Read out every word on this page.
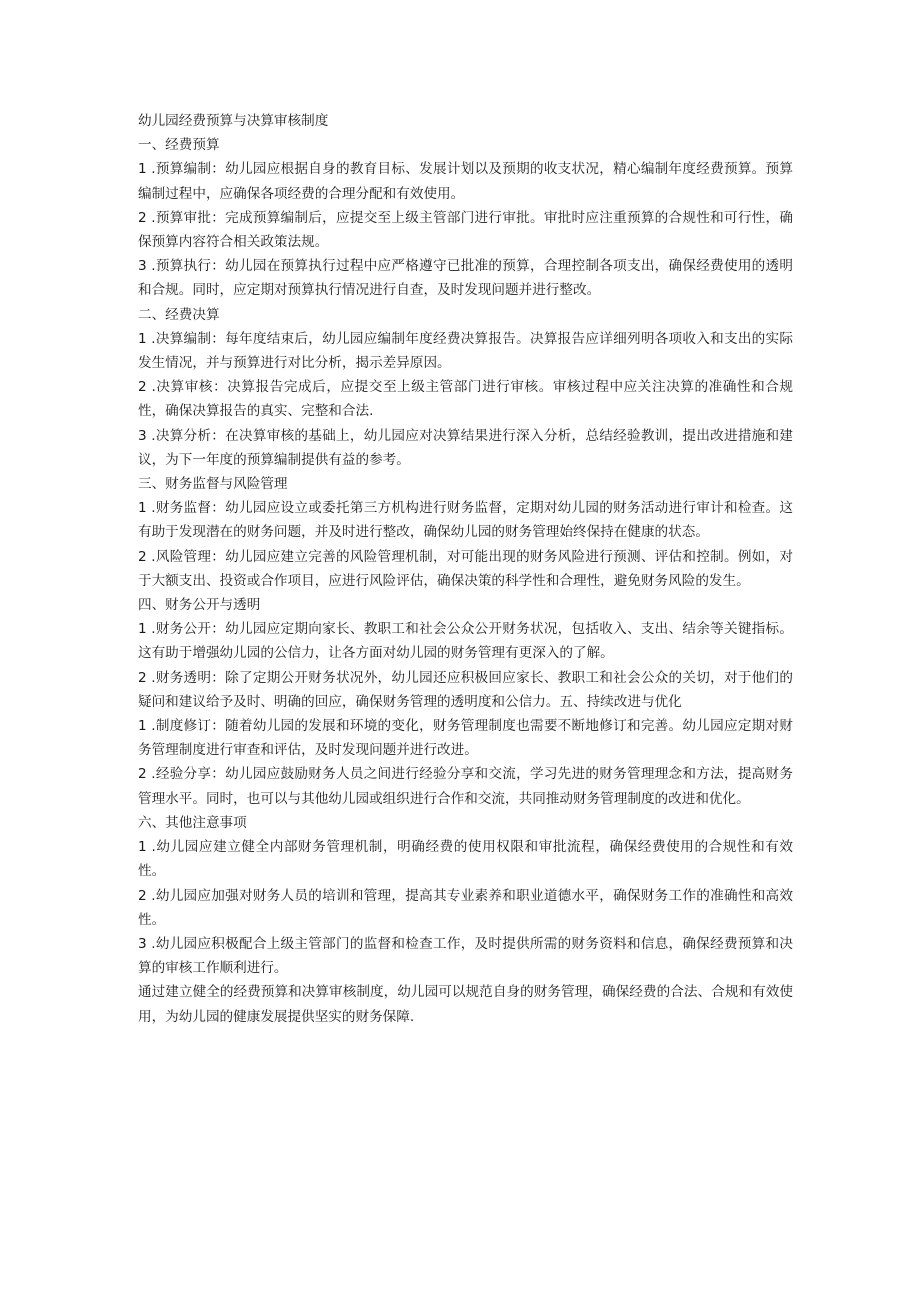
幼儿园经费预算与决算审核制度

一、经费预算

1 .预算编制：幼儿园应根据自身的教育目标、发展计划以及预期的收支状况，精心编制年度经费预算。预算编制过程中，应确保各项经费的合理分配和有效使用。

2 .预算审批：完成预算编制后，应提交至上级主管部门进行审批。审批时应注重预算的合规性和可行性，确保预算内容符合相关政策法规。

3 .预算执行：幼儿园在预算执行过程中应严格遵守已批准的预算，合理控制各项支出，确保经费使用的透明和合规。同时，应定期对预算执行情况进行自查，及时发现问题并进行整改。

二、经费决算

1 .决算编制：每年度结束后，幼儿园应编制年度经费决算报告。决算报告应详细列明各项收入和支出的实际发生情况，并与预算进行对比分析，揭示差异原因。

2 .决算审核：决算报告完成后，应提交至上级主管部门进行审核。审核过程中应关注决算的准确性和合规性，确保决算报告的真实、完整和合法.

3 .决算分析：在决算审核的基础上，幼儿园应对决算结果进行深入分析，总结经验教训，提出改进措施和建议，为下一年度的预算编制提供有益的参考。

三、财务监督与风险管理

1 .财务监督：幼儿园应设立或委托第三方机构进行财务监督，定期对幼儿园的财务活动进行审计和检查。这有助于发现潜在的财务问题，并及时进行整改，确保幼儿园的财务管理始终保持在健康的状态。

2 .风险管理：幼儿园应建立完善的风险管理机制，对可能出现的财务风险进行预测、评估和控制。例如，对于大额支出、投资或合作项目，应进行风险评估，确保决策的科学性和合理性，避免财务风险的发生。

四、财务公开与透明

1 .财务公开：幼儿园应定期向家长、教职工和社会公众公开财务状况，包括收入、支出、结余等关键指标。这有助于增强幼儿园的公信力，让各方面对幼儿园的财务管理有更深入的了解。

2 .财务透明：除了定期公开财务状况外，幼儿园还应积极回应家长、教职工和社会公众的关切，对于他们的疑问和建议给予及时、明确的回应，确保财务管理的透明度和公信力。五、持续改进与优化

1 .制度修订：随着幼儿园的发展和环境的变化，财务管理制度也需要不断地修订和完善。幼儿园应定期对财务管理制度进行审查和评估，及时发现问题并进行改进。

2 .经验分享：幼儿园应鼓励财务人员之间进行经验分享和交流，学习先进的财务管理理念和方法，提高财务管理水平。同时，也可以与其他幼儿园或组织进行合作和交流，共同推动财务管理制度的改进和优化。

六、其他注意事项

1 .幼儿园应建立健全内部财务管理机制，明确经费的使用权限和审批流程，确保经费使用的合规性和有效性。

2 .幼儿园应加强对财务人员的培训和管理，提高其专业素养和职业道德水平，确保财务工作的准确性和高效性。

3 .幼儿园应积极配合上级主管部门的监督和检查工作，及时提供所需的财务资料和信息，确保经费预算和决算的审核工作顺利进行。

通过建立健全的经费预算和决算审核制度，幼儿园可以规范自身的财务管理，确保经费的合法、合规和有效使用，为幼儿园的健康发展提供坚实的财务保障.
